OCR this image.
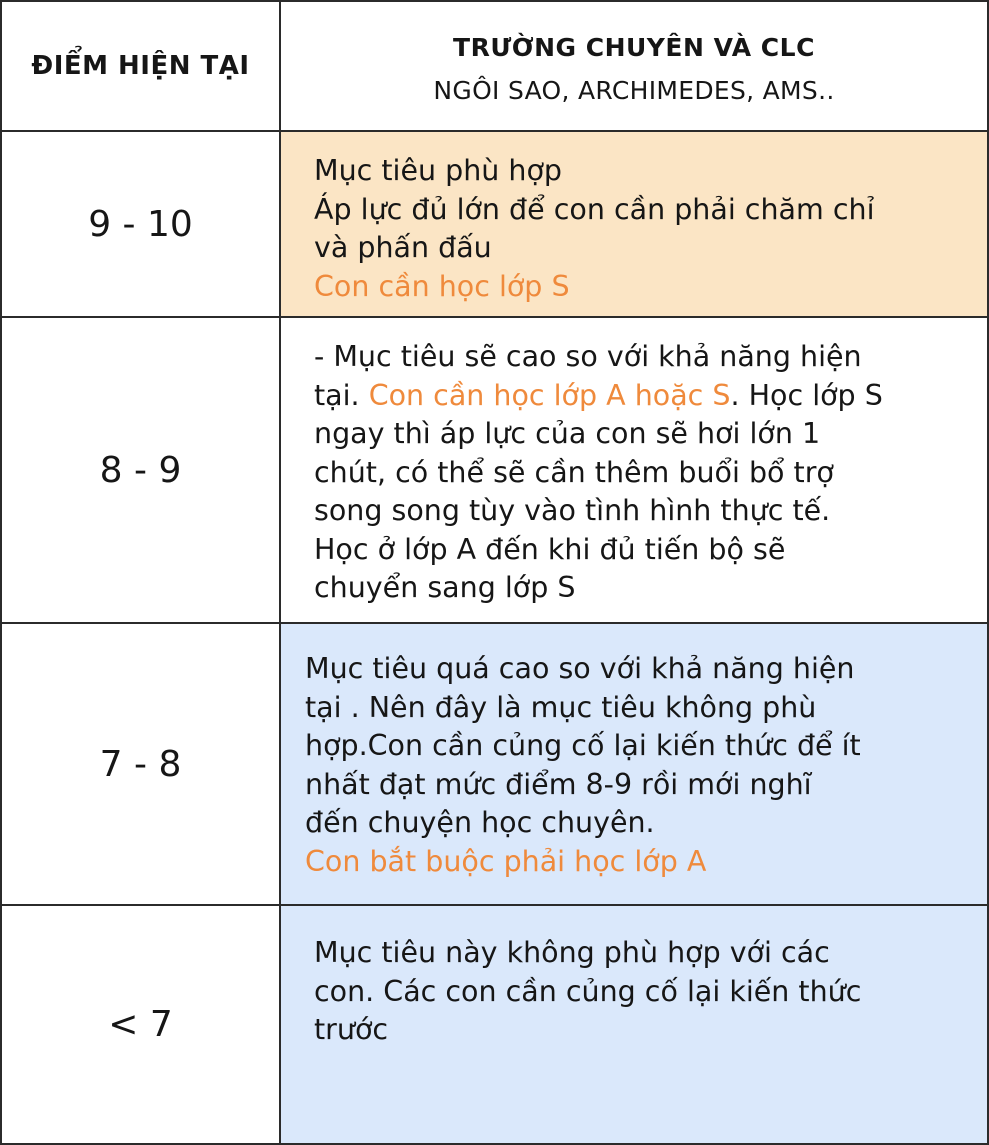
ĐIỂM HIỆN TẠI
TRƯỜNG CHUYÊN VÀ CLC
NGÔI SAO, ARCHIMEDES, AMS..
9 - 10
Mục tiêu phù hợp
Áp lực đủ lớn để con cần phải chăm chỉ
và phấn đấu
Con cần học lớp S
8 - 9
- Mục tiêu sẽ cao so với khả năng hiện
tại. Con cần học lớp A hoặc S. Học lớp S
ngay thì áp lực của con sẽ hơi lớn 1
chút, có thể sẽ cần thêm buổi bổ trợ
song song tùy vào tình hình thực tế.
Học ở lớp A đến khi đủ tiến bộ sẽ
chuyển sang lớp S
7 - 8
Mục tiêu quá cao so với khả năng hiện
tại . Nên đây là mục tiêu không phù
hợp.Con cần củng cố lại kiến thức để ít
nhất đạt mức điểm 8-9 rồi mới nghĩ
đến chuyện học chuyên.
Con bắt buộc phải học lớp A
< 7
Mục tiêu này không phù hợp với các
con. Các con cần củng cố lại kiến thức
trước
